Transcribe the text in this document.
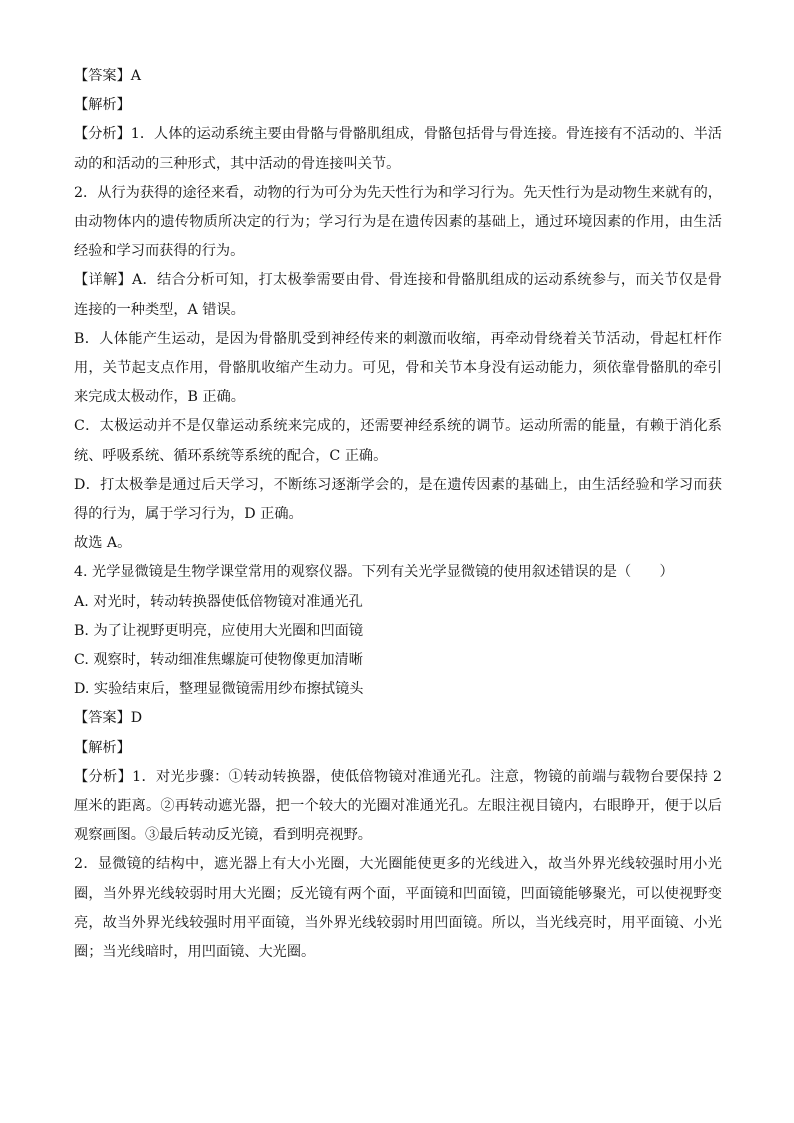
【答案】A

【解析】

【分析】1．人体的运动系统主要由骨骼与骨骼肌组成，骨骼包括骨与骨连接。骨连接有不活动的、半活动的和活动的三种形式，其中活动的骨连接叫关节。

2．从行为获得的途径来看，动物的行为可分为先天性行为和学习行为。先天性行为是动物生来就有的，由动物体内的遗传物质所决定的行为；学习行为是在遗传因素的基础上，通过环境因素的作用，由生活经验和学习而获得的行为。

【详解】A．结合分析可知，打太极拳需要由骨、骨连接和骨骼肌组成的运动系统参与，而关节仅是骨连接的一种类型，A 错误。

B．人体能产生运动，是因为骨骼肌受到神经传来的刺激而收缩，再牵动骨绕着关节活动，骨起杠杆作用，关节起支点作用，骨骼肌收缩产生动力。可见，骨和关节本身没有运动能力，须依靠骨骼肌的牵引来完成太极动作，B 正确。

C．太极运动并不是仅靠运动系统来完成的，还需要神经系统的调节。运动所需的能量，有赖于消化系统、呼吸系统、循环系统等系统的配合，C 正确。

D．打太极拳是通过后天学习，不断练习逐渐学会的，是在遗传因素的基础上，由生活经验和学习而获得的行为，属于学习行为，D 正确。

故选 A。

4. 光学显微镜是生物学课堂常用的观察仪器。下列有关光学显微镜的使用叙述错误的是（　　）

A. 对光时，转动转换器使低倍物镜对准通光孔

B. 为了让视野更明亮，应使用大光圈和凹面镜

C. 观察时，转动细准焦螺旋可使物像更加清晰

D. 实验结束后，整理显微镜需用纱布擦拭镜头

【答案】D

【解析】

【分析】1．对光步骤：①转动转换器，使低倍物镜对准通光孔。注意，物镜的前端与载物台要保持 2 厘米的距离。②再转动遮光器，把一个较大的光圈对准通光孔。左眼注视目镜内，右眼睁开，便于以后观察画图。③最后转动反光镜，看到明亮视野。

2．显微镜的结构中，遮光器上有大小光圈，大光圈能使更多的光线进入，故当外界光线较强时用小光圈，当外界光线较弱时用大光圈；反光镜有两个面，平面镜和凹面镜，凹面镜能够聚光，可以使视野变亮，故当外界光线较强时用平面镜，当外界光线较弱时用凹面镜。所以，当光线亮时，用平面镜、小光圈；当光线暗时，用凹面镜、大光圈。
